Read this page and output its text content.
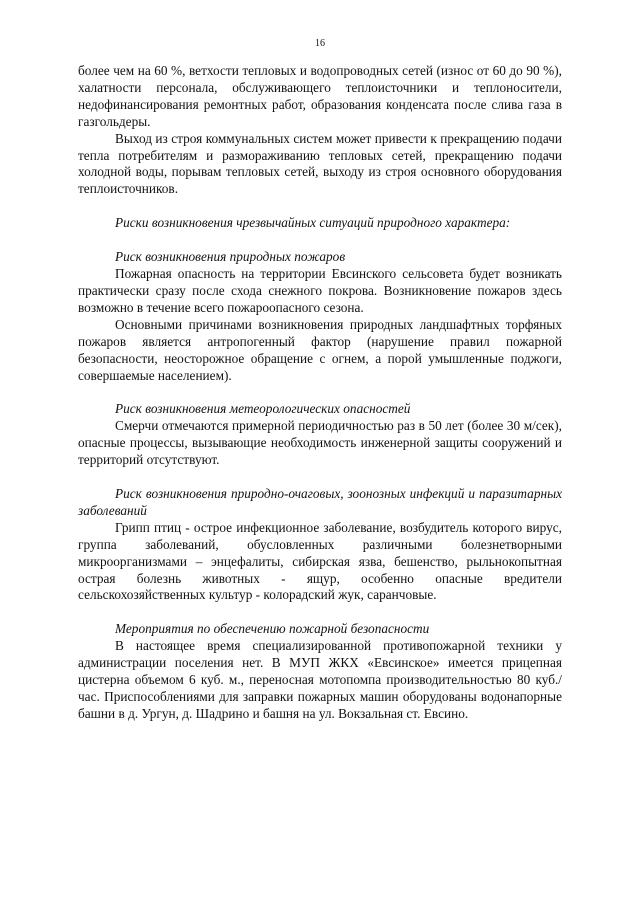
16

более чем на 60 %, ветхости тепловых и водопроводных сетей (износ от 60 до 90 %), халатности персонала, обслуживающего теплоисточники и теплоносители, недофинансирования ремонтных работ, образования конденсата после слива газа в газгольдеры.

Выход из строя коммунальных систем может привести к прекращению подачи тепла потребителям и размораживанию тепловых сетей, прекращению подачи холодной воды, порывам тепловых сетей, выходу из строя основного оборудования теплоисточников.

Риски возникновения чрезвычайных ситуаций природного характера:

Риск возникновения природных пожаров

Пожарная опасность на территории Евсинского сельсовета будет возникать практически сразу после схода снежного покрова. Возникновение пожаров здесь возможно в течение всего пожароопасного сезона.

Основными причинами возникновения природных ландшафтных торфяных пожаров является антропогенный фактор (нарушение правил пожарной безопасности, неосторожное обращение с огнем, а порой умышленные поджоги, совершаемые населением).

Риск возникновения метеорологических опасностей

Смерчи отмечаются примерной периодичностью раз в 50 лет (более 30 м/сек), опасные процессы, вызывающие необходимость инженерной защиты сооружений и территорий отсутствуют.

Риск возникновения природно-очаговых, зоонозных инфекций и паразитарных заболеваний

Грипп птиц - острое инфекционное заболевание, возбудитель которого вирус, группа заболеваний, обусловленных различными болезнетворными микроорганизмами – энцефалиты, сибирская язва, бешенство, рыльнокопытная острая болезнь животных - ящур, особенно опасные вредители сельскохозяйственных культур - колорадский жук, саранчовые.

Мероприятия по обеспечению пожарной безопасности

В настоящее время специализированной противопожарной техники у администрации поселения нет. В МУП ЖКХ «Евсинское» имеется прицепная цистерна объемом 6 куб. м., переносная мотопомпа производительностью 80 куб./час. Приспособлениями для заправки пожарных машин оборудованы водонапорные башни в д. Ургун, д. Шадрино и башня на ул. Вокзальная ст. Евсино.
